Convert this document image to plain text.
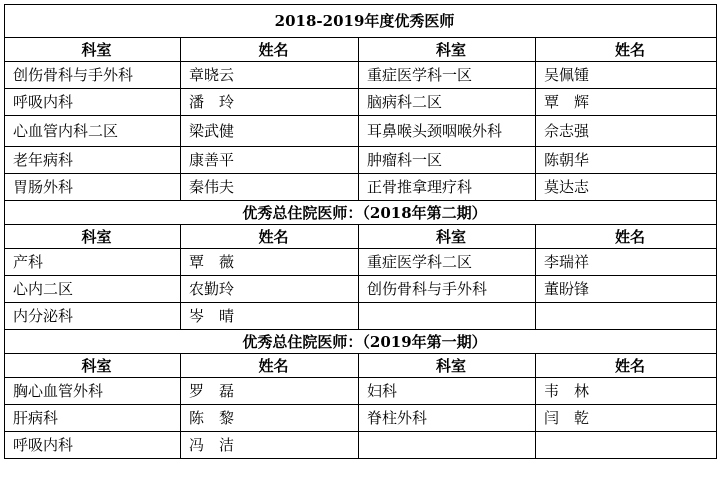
2018-2019年度优秀医师			
科室	姓名	科室	姓名
创伤骨科与手外科	章晓云	重症医学科一区	吴佩锺
呼吸内科	潘　玲	脑病科二区	覃　辉
心血管内科二区	梁武健	耳鼻喉头颈咽喉外科	佘志强
老年病科	康善平	肿瘤科一区	陈朝华
胃肠外科	秦伟夫	正骨推拿理疗科	莫达志
优秀总住院医师：（2018年第二期）			
科室	姓名	科室	姓名
产科	覃　薇	重症医学科二区	李瑞祥
心内二区	农勤玲	创伤骨科与手外科	董盼锋
内分泌科	岑　晴		
优秀总住院医师：（2019年第一期）			
科室	姓名	科室	姓名
胸心血管外科	罗　磊	妇科	韦　林
肝病科	陈　黎	脊柱外科	闫　乾
呼吸内科	冯　洁		
